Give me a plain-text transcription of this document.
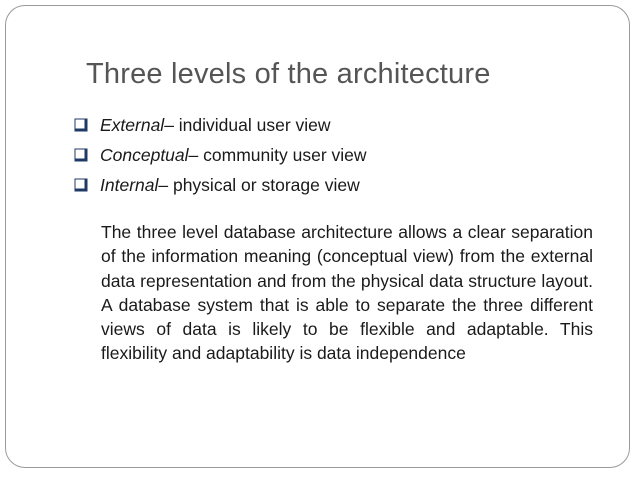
Three levels of the architecture
External – individual user view
Conceptual – community user view
Internal – physical or storage view

The three level database architecture allows a clear separation of the information meaning (conceptual view) from the external data representation and from the physical data structure layout. A database system that is able to separate the three different views of data is likely to be flexible and adaptable. This flexibility and adaptability is data independence
